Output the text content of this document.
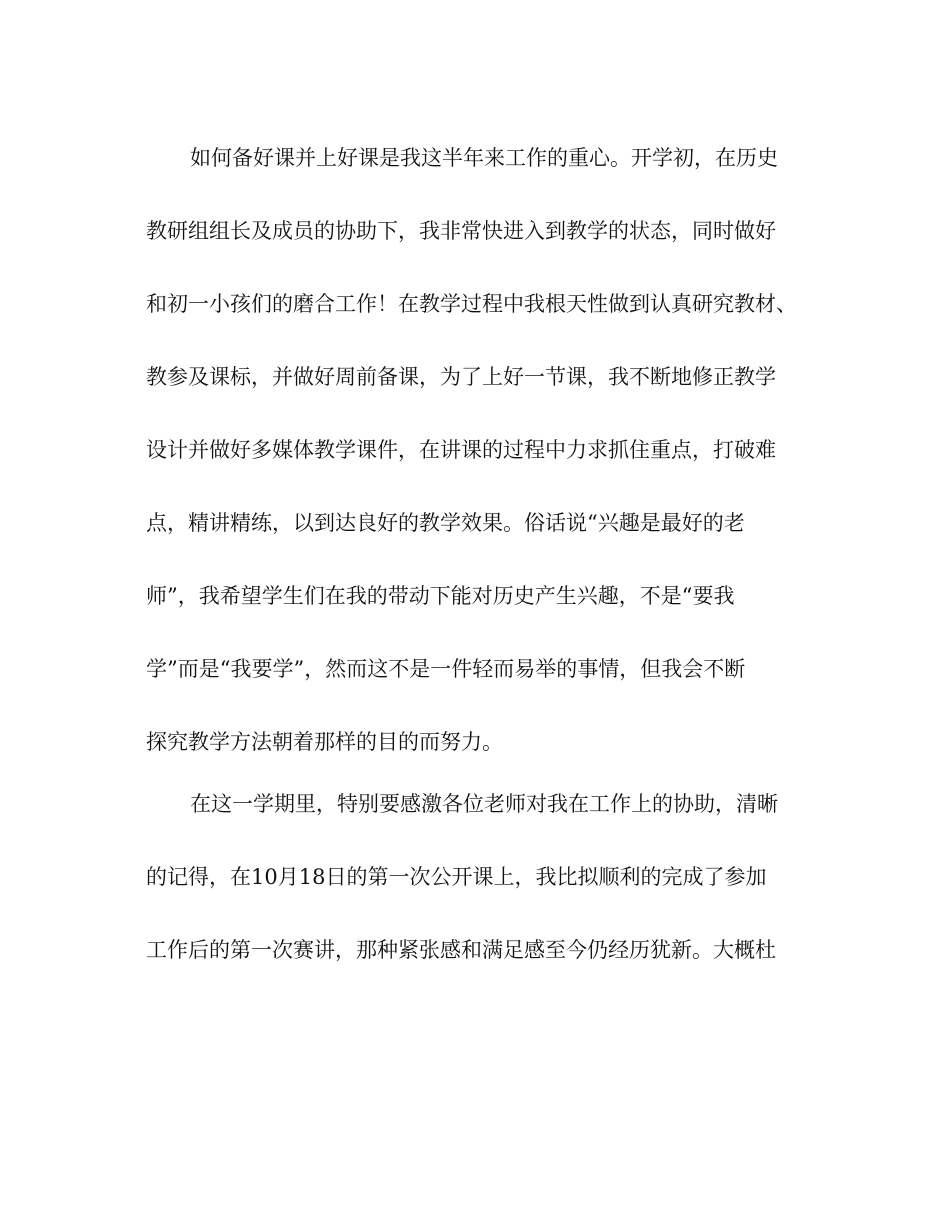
如何备好课并上好课是我这半年来工作的重心。开学初，在历史
教研组组长及成员的协助下，我非常快进入到教学的状态，同时做好
和初一小孩们的磨合工作！在教学过程中我根天性做到认真研究教材、
教参及课标，并做好周前备课，为了上好一节课，我不断地修正教学
设计并做好多媒体教学课件，在讲课的过程中力求抓住重点，打破难
点，精讲精练，以到达良好的教学效果。俗话说“兴趣是最好的老
师”，我希望学生们在我的带动下能对历史产生兴趣，不是“要我
学”而是“我要学”，然而这不是一件轻而易举的事情，但我会不断
探究教学方法朝着那样的目的而努力。
在这一学期里，特别要感激各位老师对我在工作上的协助，清晰
的记得，在10月18日的第一次公开课上，我比拟顺利的完成了参加
工作后的第一次赛讲，那种紧张感和满足感至今仍经历犹新。大概杜
